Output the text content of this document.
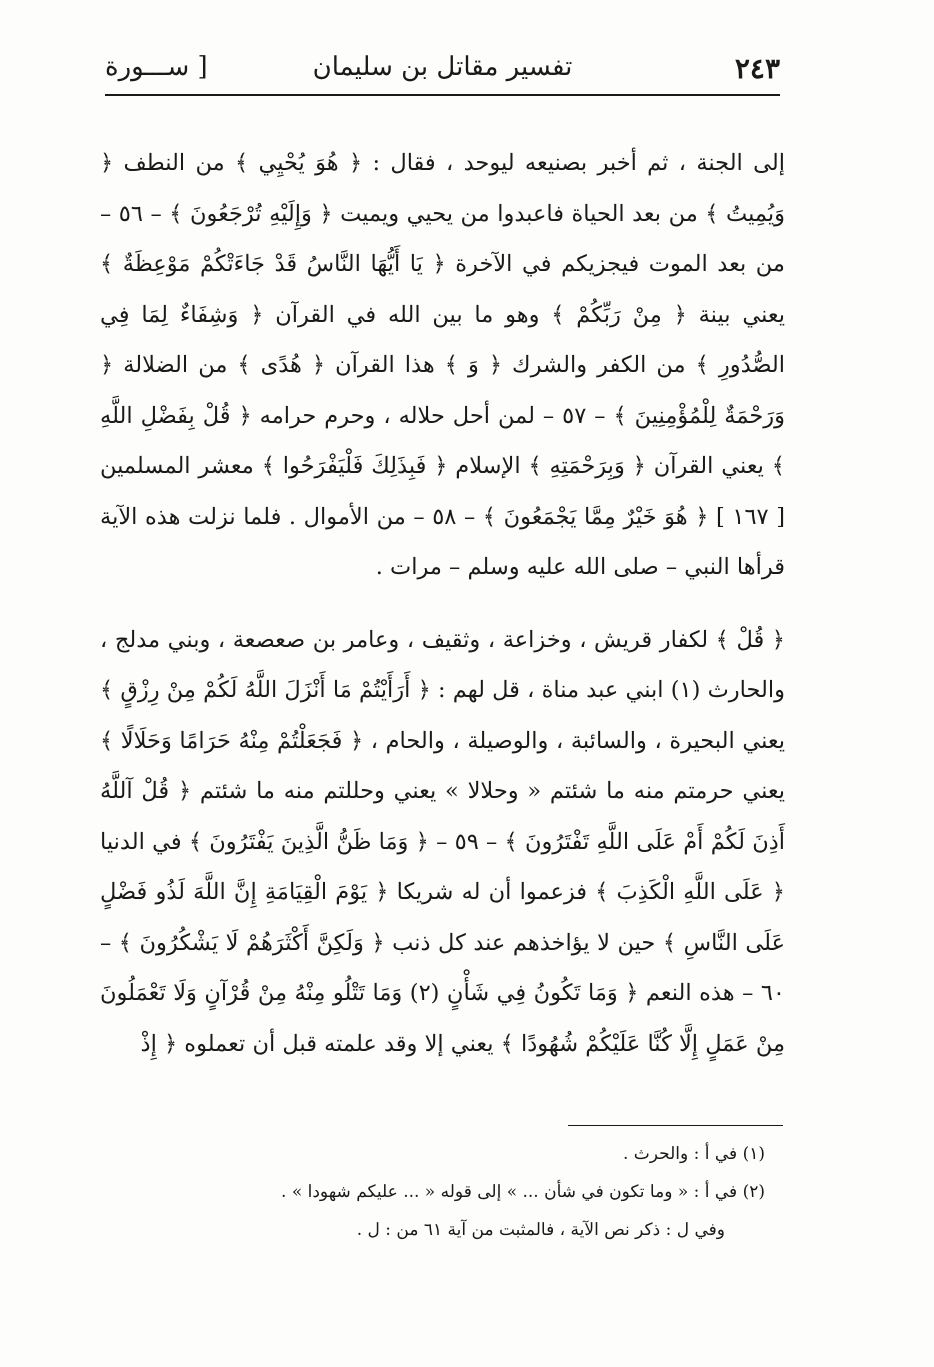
٢٤٣
تفسير مقاتل بن سليمان
[ ســـورة

إلى الجنة ، ثم أخبر بصنيعه ليوحد ، فقال : ﴿ هُوَ يُحْيِي ﴾ من النطف ﴿ وَيُمِيتُ ﴾ من بعد الحياة فاعبدوا من يحيي ويميت ﴿ وَإِلَيْهِ تُرْجَعُونَ ﴾ – ٥٦ – من بعد الموت فيجزيكم في الآخرة ﴿ يَا أَيُّهَا النَّاسُ قَدْ جَاءَتْكُمْ مَوْعِظَةٌ ﴾ يعني بينة ﴿ مِنْ رَبِّكُمْ ﴾ وهو ما بين الله في القرآن ﴿ وَشِفَاءٌ لِمَا فِي الصُّدُورِ ﴾ من الكفر والشرك ﴿ وَ ﴾ هذا القرآن ﴿ هُدًى ﴾ من الضلالة ﴿ وَرَحْمَةٌ لِلْمُؤْمِنِينَ ﴾ – ٥٧ – لمن أحل حلاله ، وحرم حرامه ﴿ قُلْ بِفَضْلِ اللَّهِ ﴾ يعني القرآن ﴿ وَبِرَحْمَتِهِ ﴾ الإسلام ﴿ فَبِذَلِكَ فَلْيَفْرَحُوا ﴾ معشر المسلمين [ ١٦٧ ] ﴿ هُوَ خَيْرٌ مِمَّا يَجْمَعُونَ ﴾ – ٥٨ – من الأموال . فلما نزلت هذه الآية قرأها النبي – صلى الله عليه وسلم – مرات .

﴿ قُلْ ﴾ لكفار قريش ، وخزاعة ، وثقيف ، وعامر بن صعصعة ، وبني مدلج ، والحارث (١) ابني عبد مناة ، قل لهم : ﴿ أَرَأَيْتُمْ مَا أَنْزَلَ اللَّهُ لَكُمْ مِنْ رِزْقٍ ﴾ يعني البحيرة ، والسائبة ، والوصيلة ، والحام ، ﴿ فَجَعَلْتُمْ مِنْهُ حَرَامًا وَحَلَالًا ﴾ يعني حرمتم منه ما شئتم « وحلالا » يعني وحللتم منه ما شئتم ﴿ قُلْ آللَّهُ أَذِنَ لَكُمْ أَمْ عَلَى اللَّهِ تَفْتَرُونَ ﴾ – ٥٩ – ﴿ وَمَا ظَنُّ الَّذِينَ يَفْتَرُونَ ﴾ في الدنيا ﴿ عَلَى اللَّهِ الْكَذِبَ ﴾ فزعموا أن له شريكا ﴿ يَوْمَ الْقِيَامَةِ إِنَّ اللَّهَ لَذُو فَضْلٍ عَلَى النَّاسِ ﴾ حين لا يؤاخذهم عند كل ذنب ﴿ وَلَكِنَّ أَكْثَرَهُمْ لَا يَشْكُرُونَ ﴾ – ٦٠ – هذه النعم ﴿ وَمَا تَكُونُ فِي شَأْنٍ (٢) وَمَا تَتْلُو مِنْهُ مِنْ قُرْآنٍ وَلَا تَعْمَلُونَ مِنْ عَمَلٍ إِلَّا كُنَّا عَلَيْكُمْ شُهُودًا ﴾ يعني إلا وقد علمته قبل أن تعملوه ﴿ إِذْ

(١) في أ : والحرث .
(٢) في أ : « وما تكون في شأن ... » إلى قوله « ... عليكم شهودا » .
وفي ل : ذكر نص الآية ، فالمثبت من آية ٦١ من : ل .
